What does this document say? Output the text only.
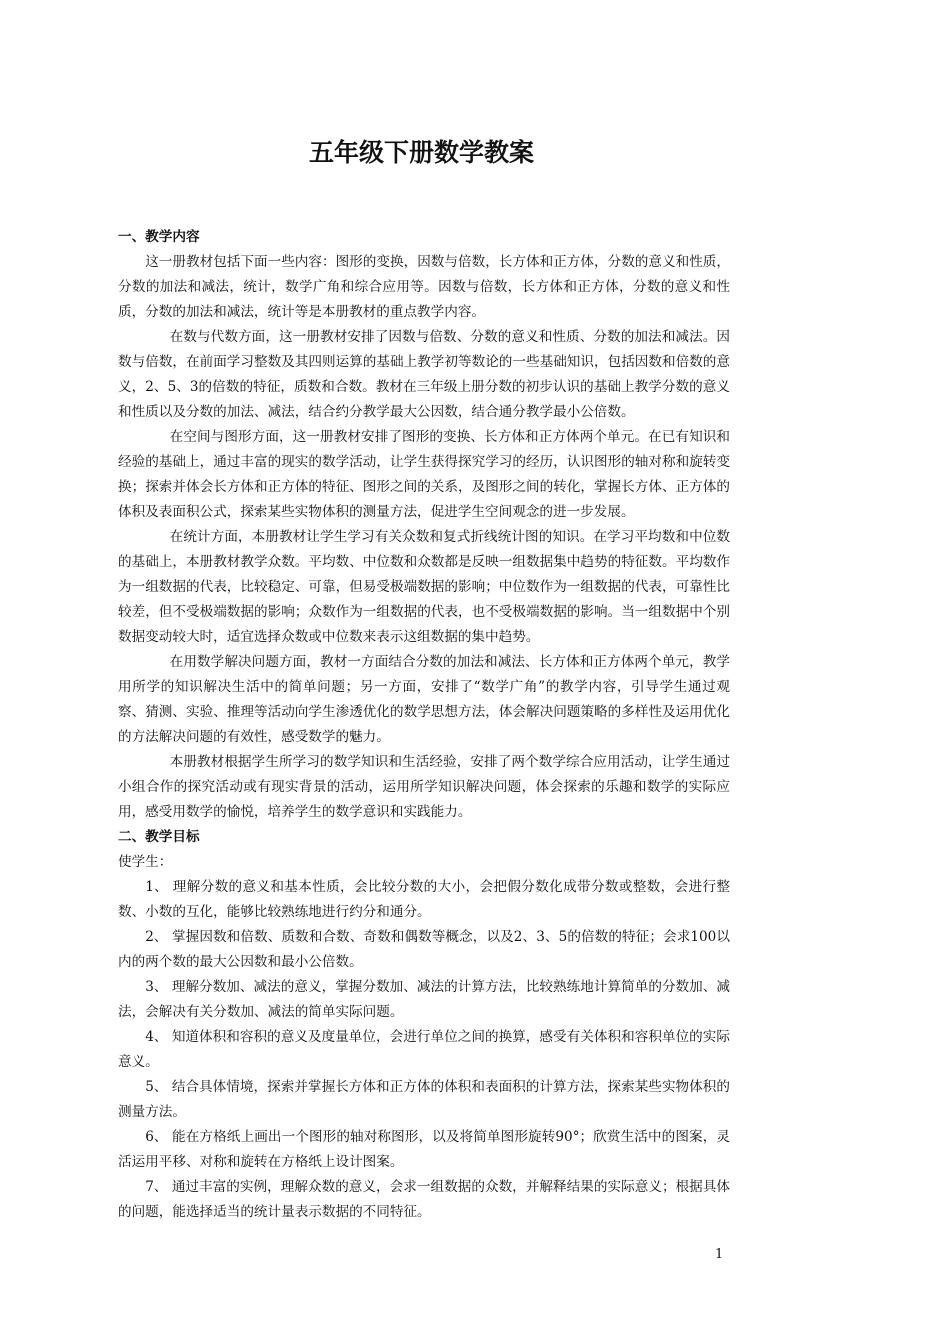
五年级下册数学教案

一、教学内容

这一册教材包括下面一些内容：图形的变换，因数与倍数，长方体和正方体，分数的意义和性质，分数的加法和减法，统计，数学广角和综合应用等。因数与倍数，长方体和正方体，分数的意义和性质，分数的加法和减法，统计等是本册教材的重点教学内容。

在数与代数方面，这一册教材安排了因数与倍数、分数的意义和性质、分数的加法和减法。因数与倍数，在前面学习整数及其四则运算的基础上教学初等数论的一些基础知识，包括因数和倍数的意义，2、5、3的倍数的特征，质数和合数。教材在三年级上册分数的初步认识的基础上教学分数的意义和性质以及分数的加法、减法，结合约分教学最大公因数，结合通分教学最小公倍数。

在空间与图形方面，这一册教材安排了图形的变换、长方体和正方体两个单元。在已有知识和经验的基础上，通过丰富的现实的数学活动，让学生获得探究学习的经历，认识图形的轴对称和旋转变换；探索并体会长方体和正方体的特征、图形之间的关系，及图形之间的转化，掌握长方体、正方体的体积及表面积公式，探索某些实物体积的测量方法，促进学生空间观念的进一步发展。

在统计方面，本册教材让学生学习有关众数和复式折线统计图的知识。在学习平均数和中位数的基础上，本册教材教学众数。平均数、中位数和众数都是反映一组数据集中趋势的特征数。平均数作为一组数据的代表，比较稳定、可靠，但易受极端数据的影响；中位数作为一组数据的代表，可靠性比较差，但不受极端数据的影响；众数作为一组数据的代表，也不受极端数据的影响。当一组数据中个别数据变动较大时，适宜选择众数或中位数来表示这组数据的集中趋势。

在用数学解决问题方面，教材一方面结合分数的加法和减法、长方体和正方体两个单元，教学用所学的知识解决生活中的简单问题；另一方面，安排了“数学广角”的教学内容，引导学生通过观察、猜测、实验、推理等活动向学生渗透优化的数学思想方法，体会解决问题策略的多样性及运用优化的方法解决问题的有效性，感受数学的魅力。

本册教材根据学生所学习的数学知识和生活经验，安排了两个数学综合应用活动，让学生通过小组合作的探究活动或有现实背景的活动，运用所学知识解决问题，体会探索的乐趣和数学的实际应用，感受用数学的愉悦，培养学生的数学意识和实践能力。

二、教学目标

使学生：

1、 理解分数的意义和基本性质，会比较分数的大小，会把假分数化成带分数或整数，会进行整数、小数的互化，能够比较熟练地进行约分和通分。

2、 掌握因数和倍数、质数和合数、奇数和偶数等概念，以及2、3、5的倍数的特征；会求100以内的两个数的最大公因数和最小公倍数。

3、 理解分数加、减法的意义，掌握分数加、减法的计算方法，比较熟练地计算简单的分数加、减法，会解决有关分数加、减法的简单实际问题。

4、 知道体积和容积的意义及度量单位，会进行单位之间的换算，感受有关体积和容积单位的实际意义。

5、 结合具体情境，探索并掌握长方体和正方体的体积和表面积的计算方法，探索某些实物体积的测量方法。

6、 能在方格纸上画出一个图形的轴对称图形，以及将简单图形旋转90°；欣赏生活中的图案，灵活运用平移、对称和旋转在方格纸上设计图案。

7、 通过丰富的实例，理解众数的意义，会求一组数据的众数，并解释结果的实际意义；根据具体的问题，能选择适当的统计量表示数据的不同特征。

1
